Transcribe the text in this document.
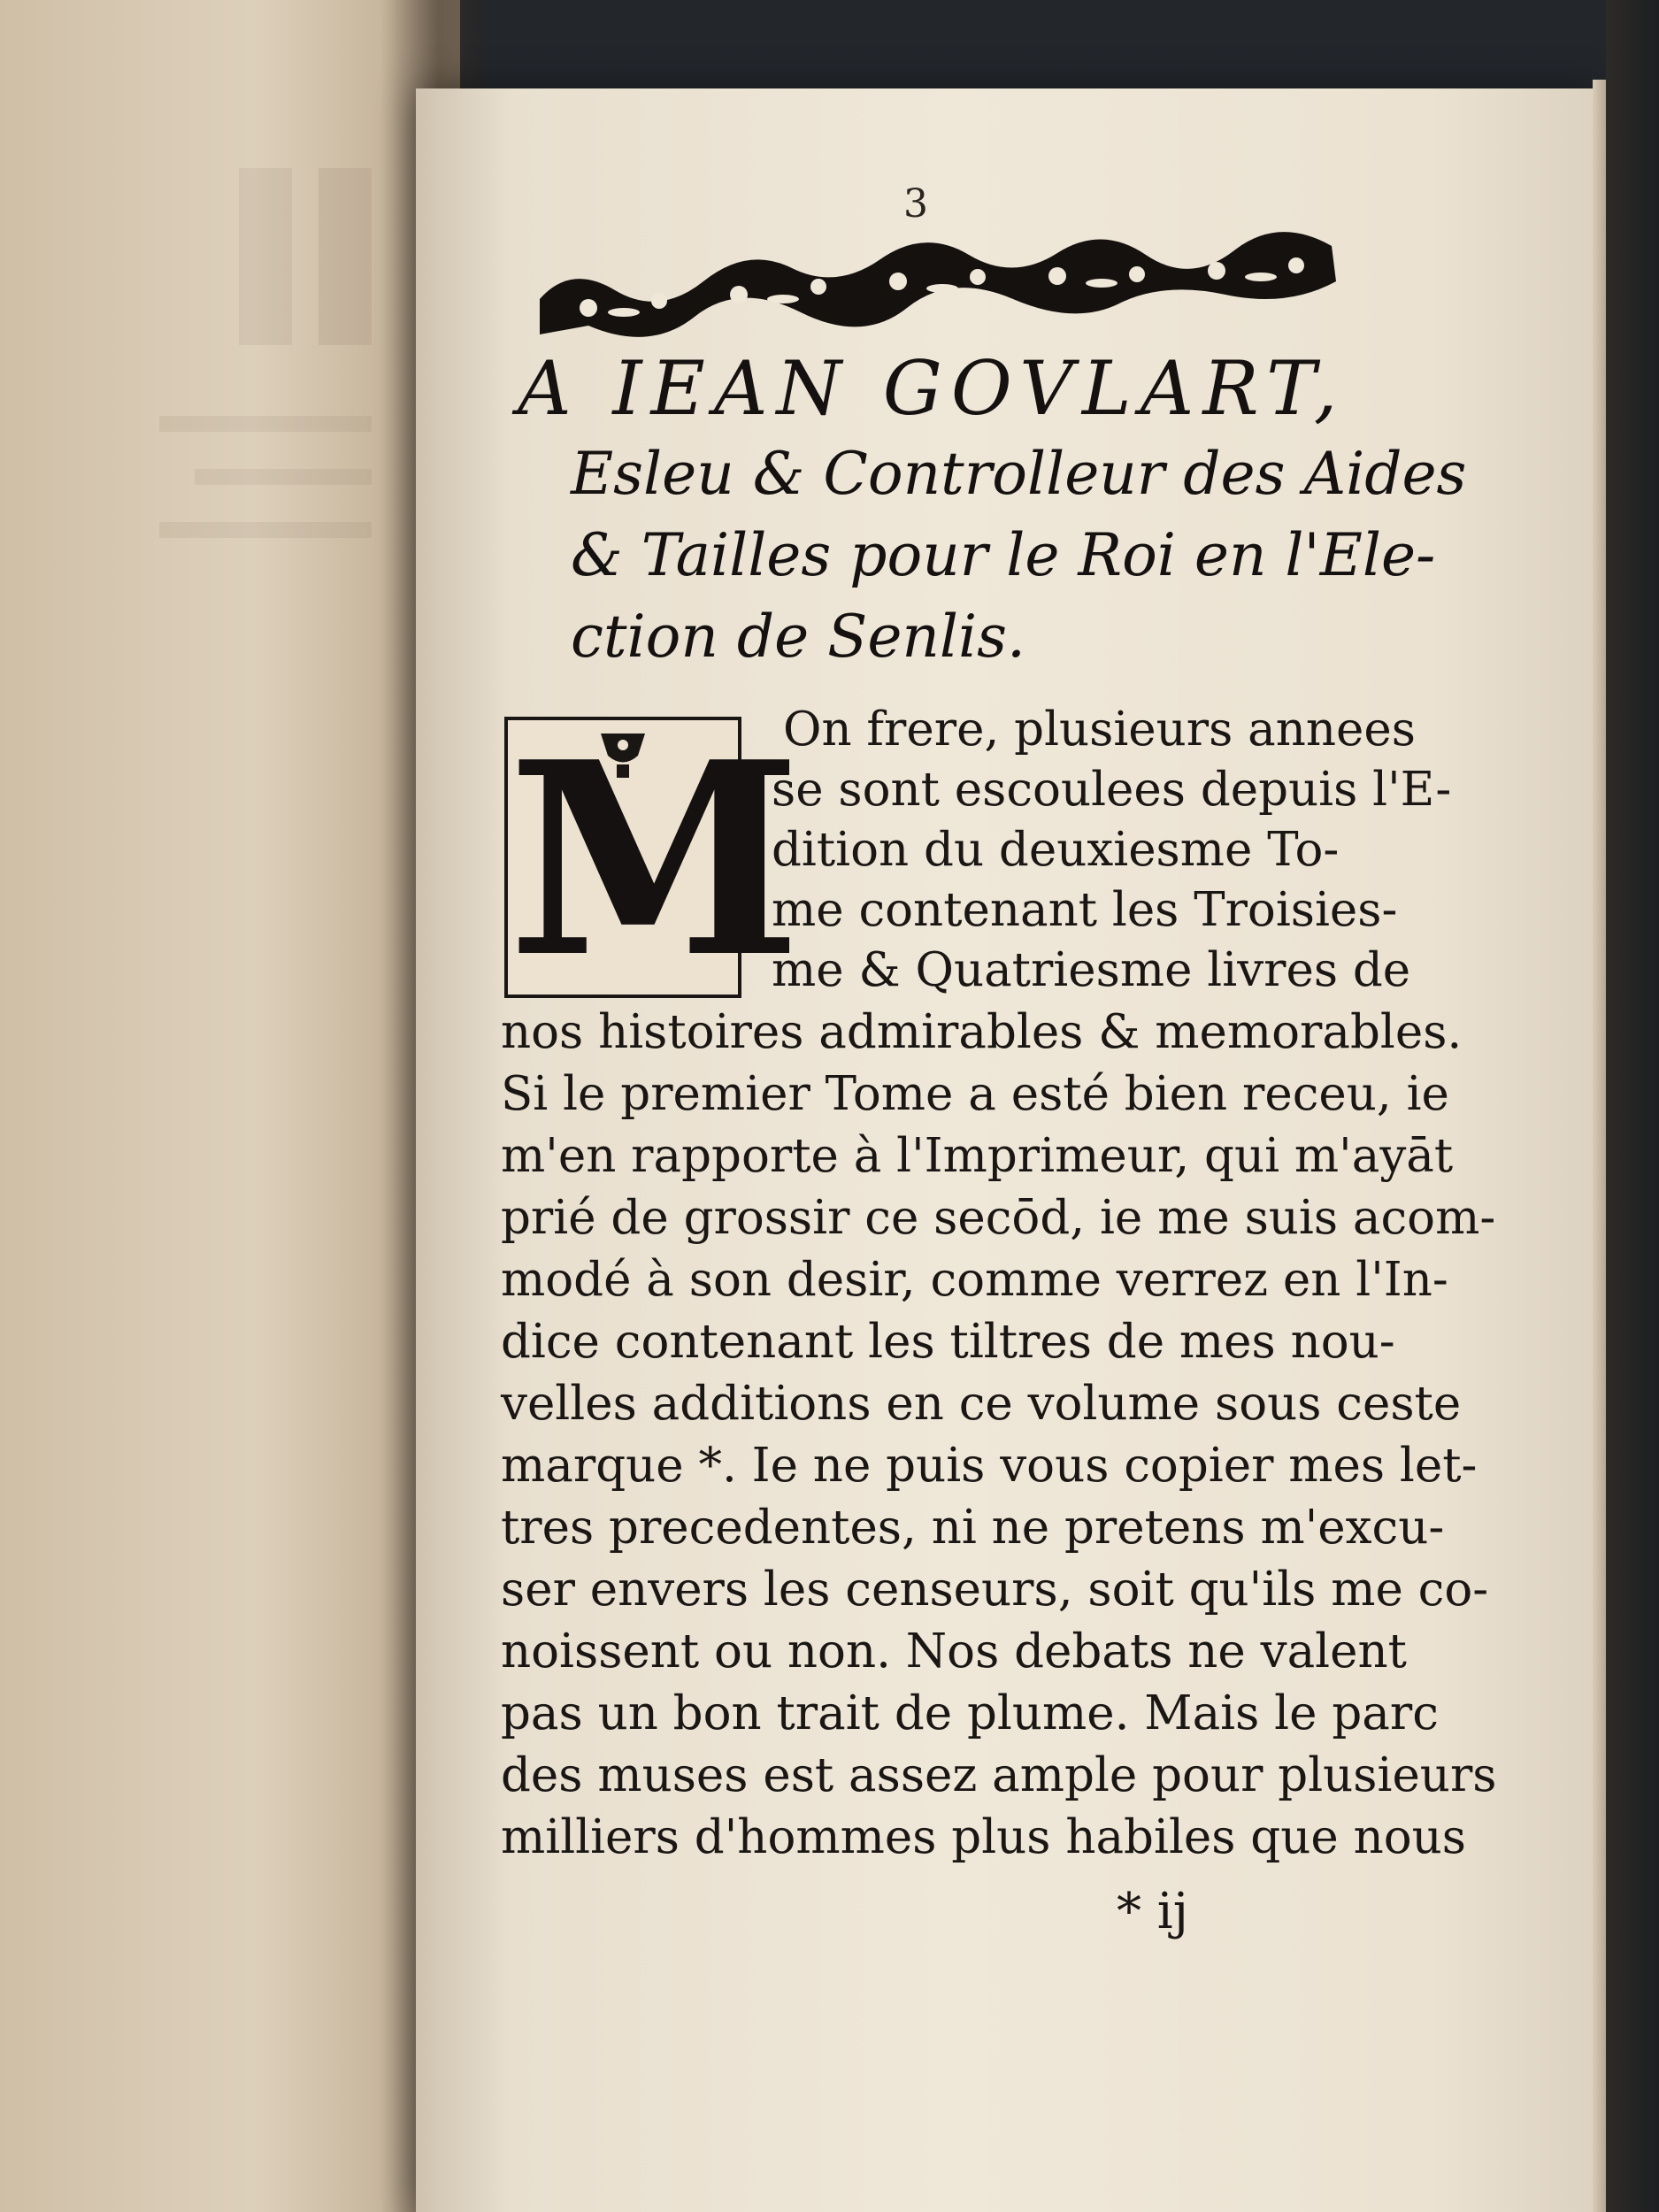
3
A IEAN GOVLART,
Esleu & Controlleur des Aides
& Tailles pour le Roi en l'Ele-
ction de Senlis.
M
On frere, plusieurs annees
se sont escoulees depuis l'E-
dition du deuxiesme To-
me contenant les Troisies-
me & Quatriesme livres de
nos histoires admirables & memorables.
Si le premier Tome a esté bien receu, ie
m'en rapporte à l'Imprimeur, qui m'ayāt
prié de grossir ce secōd, ie me suis acom-
modé à son desir, comme verrez en l'In-
dice contenant les tiltres de mes nou-
velles additions en ce volume sous ceste
marque *. Ie ne puis vous copier mes let-
tres precedentes, ni ne pretens m'excu-
ser envers les censeurs, soit qu'ils me co-
noissent ou non. Nos debats ne valent
pas un bon trait de plume. Mais le parc
des muses est assez ample pour plusieurs
milliers d'hommes plus habiles que nous
* ij
